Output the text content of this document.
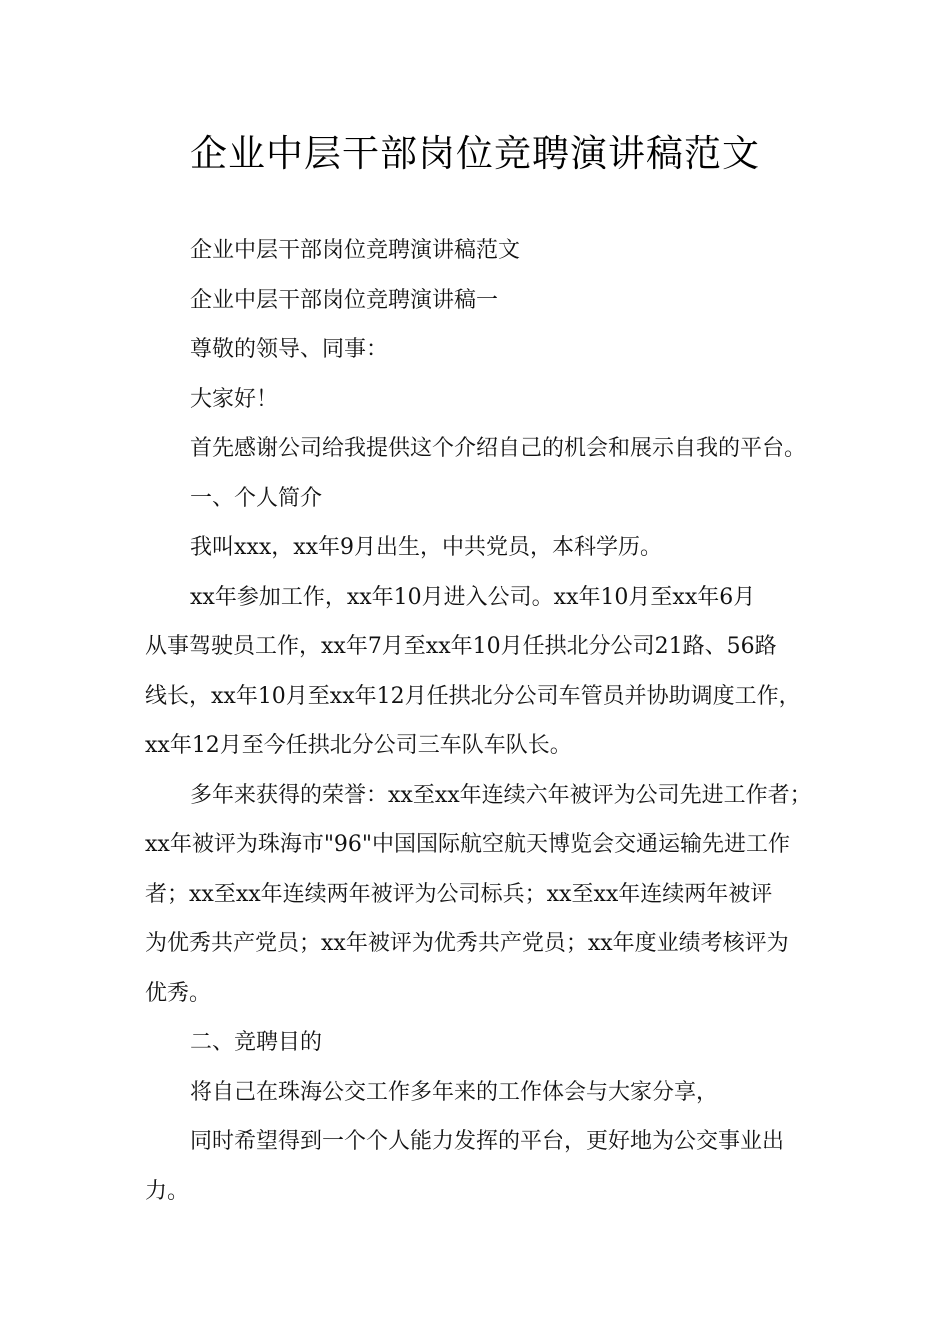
企业中层干部岗位竞聘演讲稿范文

企业中层干部岗位竞聘演讲稿范文

企业中层干部岗位竞聘演讲稿一

尊敬的领导、同事：

大家好！

首先感谢公司给我提供这个介绍自己的机会和展示自我的平台。

一、个人简介

我叫xxx，xx年9月出生，中共党员，本科学历。

xx年参加工作，xx年10月进入公司。xx年10月至xx年6月
从事驾驶员工作，xx年7月至xx年10月任拱北分公司21路、56路
线长，xx年10月至xx年12月任拱北分公司车管员并协助调度工作，
xx年12月至今任拱北分公司三车队车队长。

多年来获得的荣誉：xx至xx年连续六年被评为公司先进工作者；
xx年被评为珠海市"96"中国国际航空航天博览会交通运输先进工作
者；xx至xx年连续两年被评为公司标兵；xx至xx年连续两年被评
为优秀共产党员；xx年被评为优秀共产党员；xx年度业绩考核评为
优秀。

二、竞聘目的

将自己在珠海公交工作多年来的工作体会与大家分享，

同时希望得到一个个人能力发挥的平台，更好地为公交事业出
力。
